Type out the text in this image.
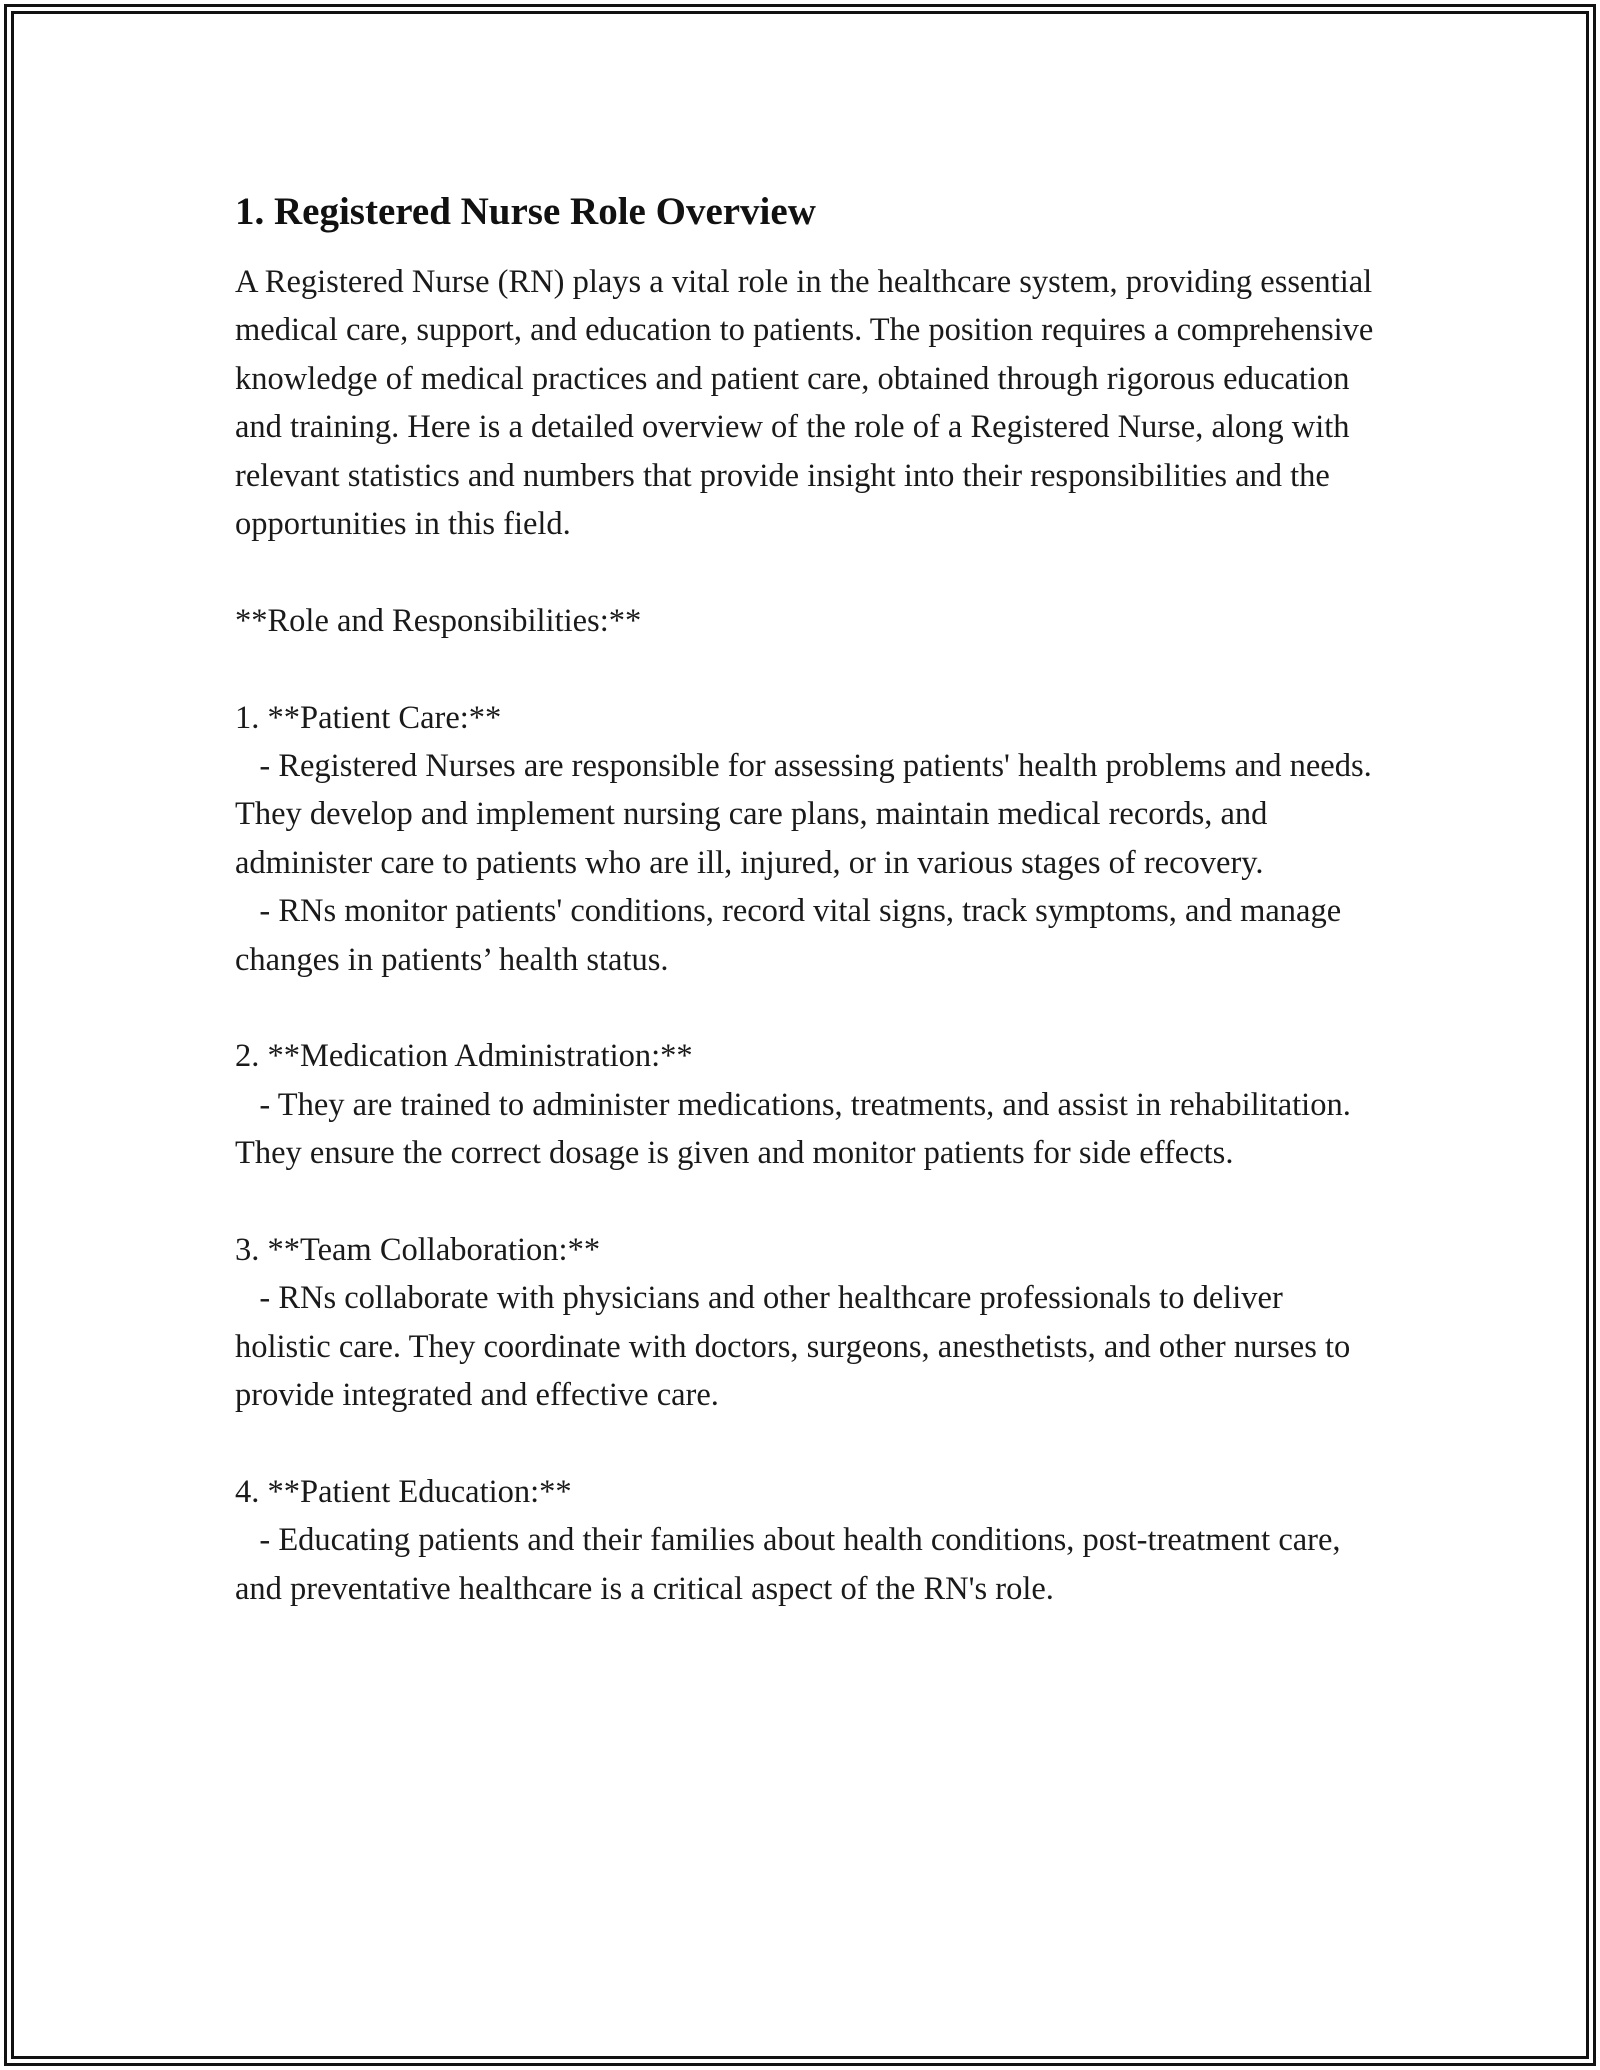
1. Registered Nurse Role Overview

A Registered Nurse (RN) plays a vital role in the healthcare system, providing essential medical care, support, and education to patients. The position requires a comprehensive knowledge of medical practices and patient care, obtained through rigorous education and training. Here is a detailed overview of the role of a Registered Nurse, along with relevant statistics and numbers that provide insight into their responsibilities and the opportunities in this field.

**Role and Responsibilities:**

1. **Patient Care:**

- Registered Nurses are responsible for assessing patients' health problems and needs. They develop and implement nursing care plans, maintain medical records, and administer care to patients who are ill, injured, or in various stages of recovery.

- RNs monitor patients' conditions, record vital signs, track symptoms, and manage changes in patients’ health status.

2. **Medication Administration:**

- They are trained to administer medications, treatments, and assist in rehabilitation. They ensure the correct dosage is given and monitor patients for side effects.

3. **Team Collaboration:**

- RNs collaborate with physicians and other healthcare professionals to deliver holistic care. They coordinate with doctors, surgeons, anesthetists, and other nurses to provide integrated and effective care.

4. **Patient Education:**

- Educating patients and their families about health conditions, post-treatment care, and preventative healthcare is a critical aspect of the RN's role.
